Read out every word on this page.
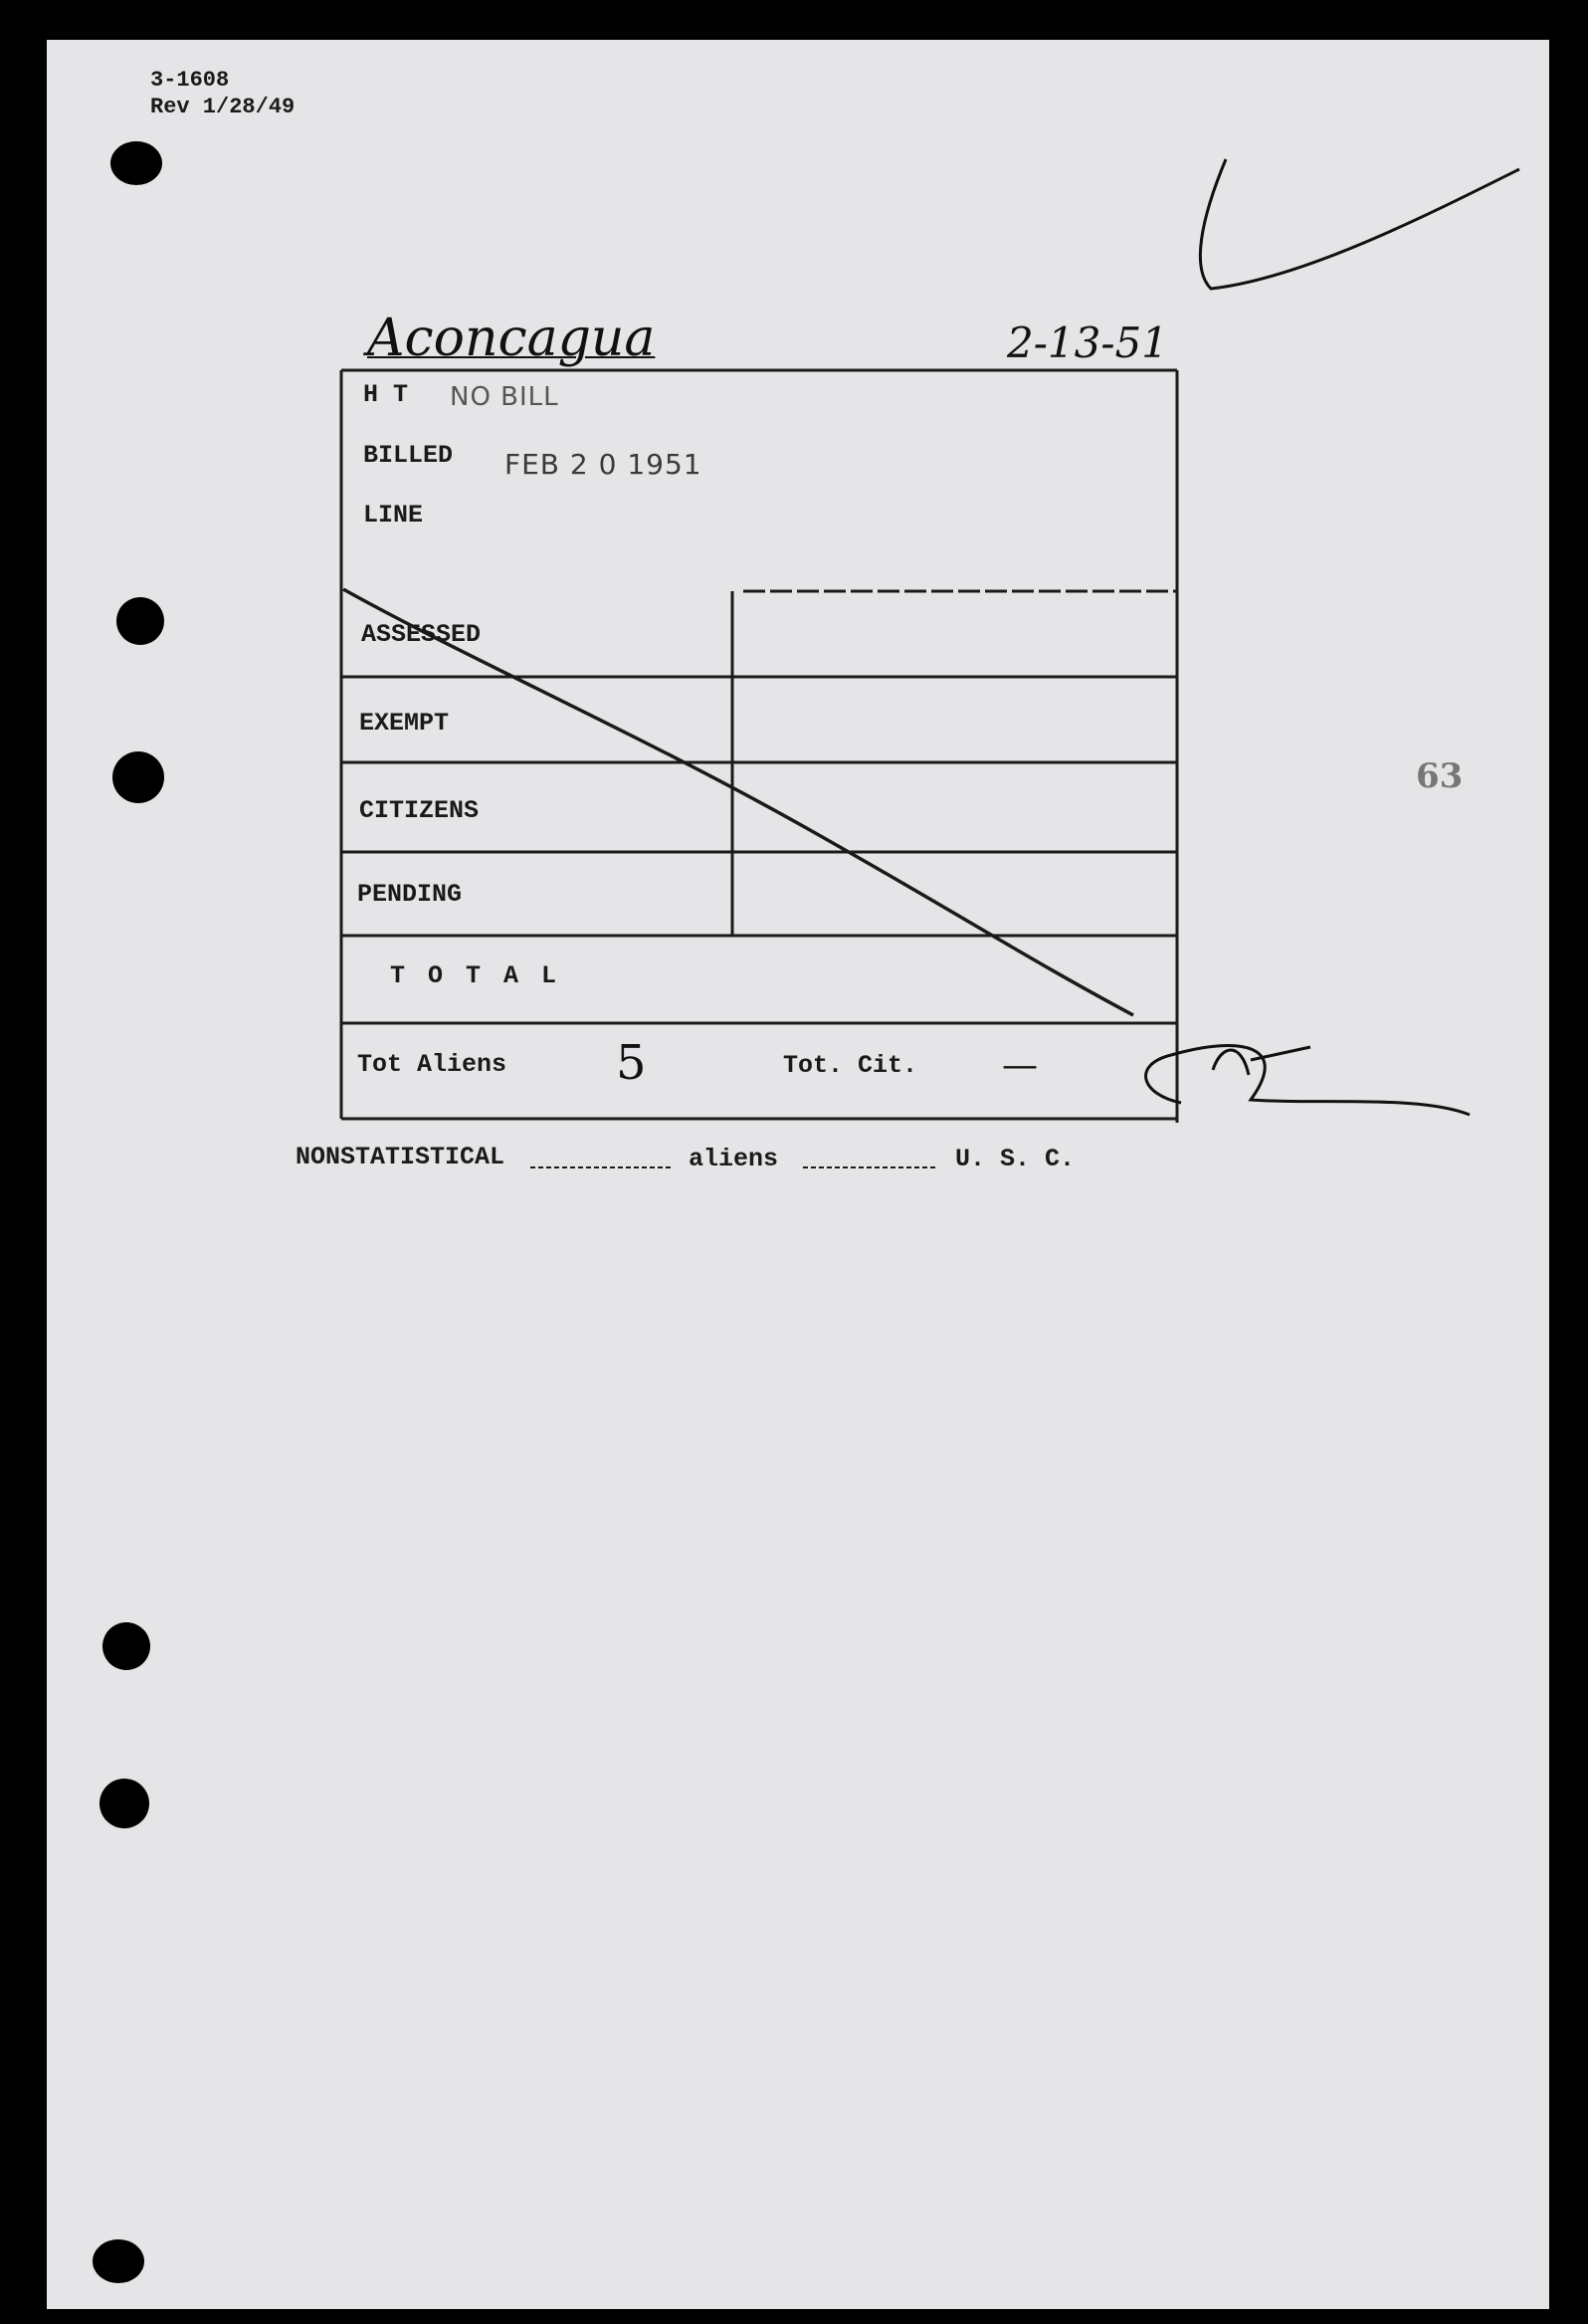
3-1608
Rev 1/28/49
Aconcagua	2-13-51
H T NO BILL
BILLED FEB 2 0 1951
LINE
ASSESSED
EXEMPT
CITIZENS
PENDING
T O T A L
Tot Aliens 5	Tot. Cit. —
NONSTATISTICAL	aliens	U. S. C.
63
